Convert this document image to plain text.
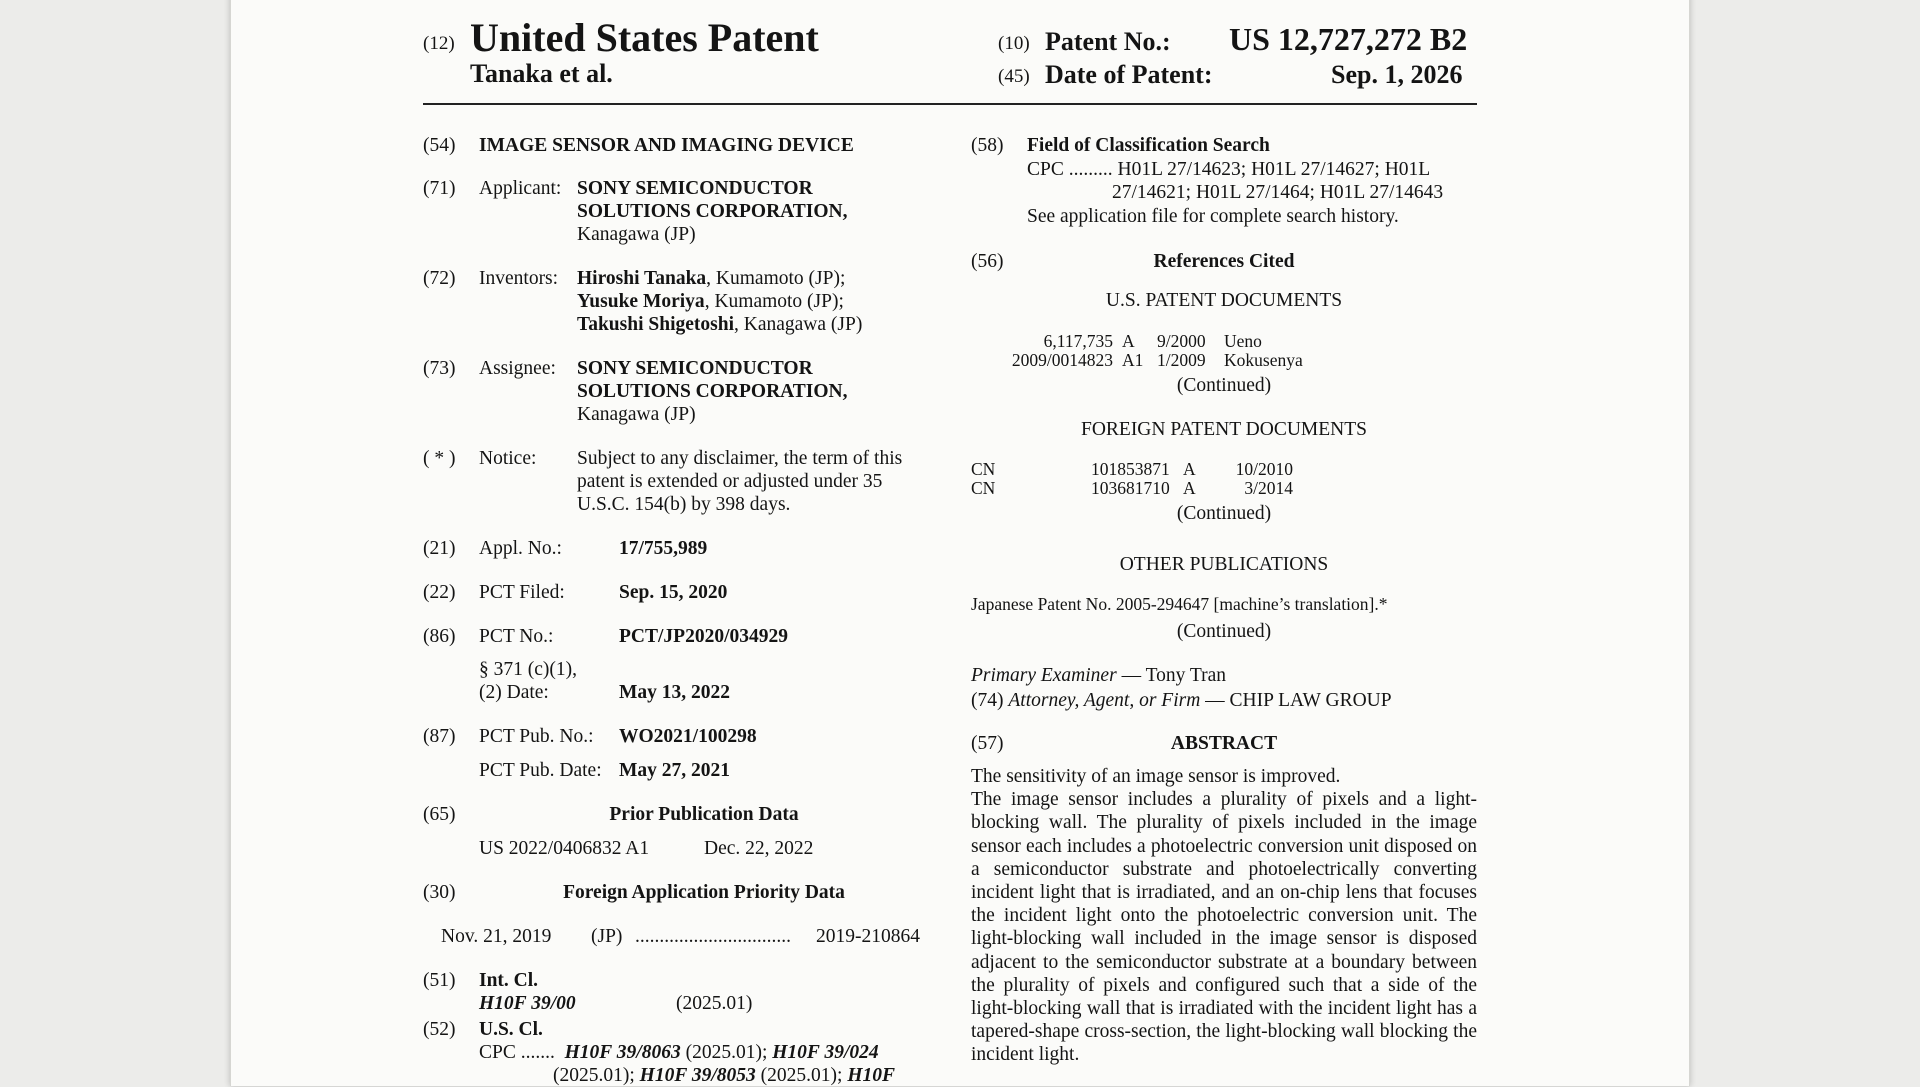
(12) United States Patent
Tanaka et al.
(10) Patent No.: US 12,727,272 B2
(45) Date of Patent:	Sep. 1, 2026
(54) IMAGE SENSOR AND IMAGING DEVICE
(71) Applicant: SONY SEMICONDUCTOR
SOLUTIONS CORPORATION,
Kanagawa (JP)
(72) Inventors: Hiroshi Tanaka, Kumamoto (JP);
Yusuke Moriya, Kumamoto (JP);
Takushi Shigetoshi, Kanagawa (JP)
(73) Assignee: SONY SEMICONDUCTOR
SOLUTIONS CORPORATION,
Kanagawa (JP)
( * ) Notice: Subject to any disclaimer, the term of this
patent is extended or adjusted under 35
U.S.C. 154(b) by 398 days.
(21) Appl. No.:	17/755,989
(22) PCT Filed:	Sep. 15, 2020
(86) PCT No.:	PCT/JP2020/034929
§ 371 (c)(1),
(2) Date:	May 13, 2022
(87) PCT Pub. No.: WO2021/100298
PCT Pub. Date: May 27, 2021
(65)	Prior Publication Data
US 2022/0406832 A1	Dec. 22, 2022
(30)	Foreign Application Priority Data
Nov. 21, 2019 (JP) ................................ 2019-210864
(51) Int. Cl.
H10F 39/00	(2025.01)
(52) U.S. Cl.
CPC ....... H10F 39/8063 (2025.01); H10F 39/024
(2025.01); H10F 39/8053 (2025.01); H10F
(58) Field of Classification Search
CPC ......... H01L 27/14623; H01L 27/14627; H01L
27/14621; H01L 27/1464; H01L 27/14643
See application file for complete search history.
(56)	References Cited
U.S. PATENT DOCUMENTS
6,117,735 A 9/2000 Ueno
2009/0014823 A1 1/2009 Kokusenya
(Continued)
FOREIGN PATENT DOCUMENTS
CN	101853871 A	10/2010
CN	103681710 A	3/2014
(Continued)
OTHER PUBLICATIONS
Japanese Patent No. 2005-294647 [machine’s translation].*
(Continued)
Primary Examiner — Tony Tran
(74) Attorney, Agent, or Firm — CHIP LAW GROUP
(57)	ABSTRACT

The sensitivity of an image sensor is improved.

The image sensor includes a plurality of pixels and a light-blocking wall. The plurality of pixels included in the image sensor each includes a photoelectric conversion unit disposed on a semiconductor substrate and photoelectrically converting incident light that is irradiated, and an on-chip lens that focuses the incident light onto the photoelectric conversion unit. The light-blocking wall included in the image sensor is disposed adjacent to the semiconductor substrate at a boundary between the plurality of pixels and configured such that a side of the light-blocking wall that is irradiated with the incident light has a tapered-shape cross-section, the light-blocking wall blocking the incident light.
